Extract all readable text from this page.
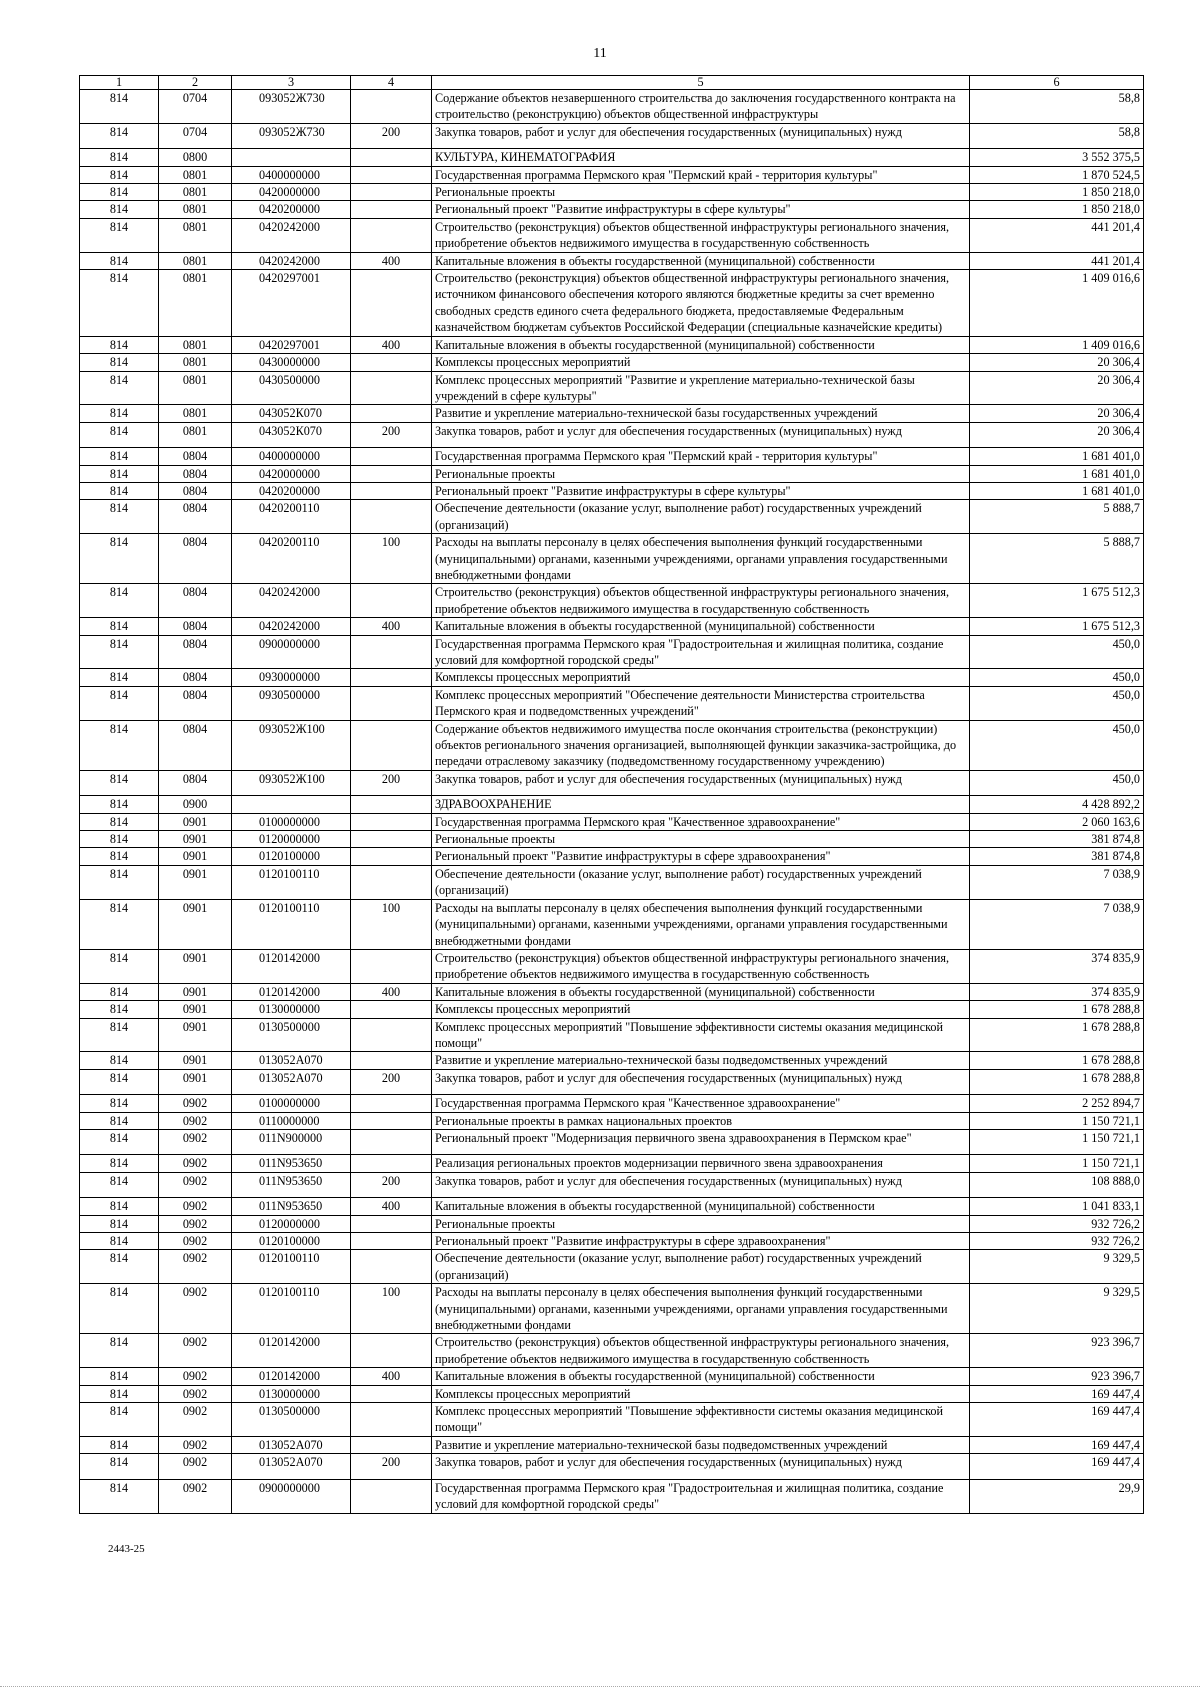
11
1	2	3	4	5	6
814	0704	093052Ж730		Содержание объектов незавершенного строительства до заключения государственного контракта на строительство (реконструкцию) объектов общественной инфраструктуры	58,8
814	0704	093052Ж730	200	Закупка товаров, работ и услуг для обеспечения государственных (муниципальных) нужд	58,8
814	0800			КУЛЬТУРА, КИНЕМАТОГРАФИЯ	3 552 375,5
814	0801	0400000000		Государственная программа Пермского края "Пермский край - территория культуры"	1 870 524,5
814	0801	0420000000		Региональные проекты	1 850 218,0
814	0801	0420200000		Региональный проект "Развитие инфраструктуры в сфере культуры"	1 850 218,0
814	0801	0420242000		Строительство (реконструкция) объектов общественной инфраструктуры регионального значения, приобретение объектов недвижимого имущества в государственную собственность	441 201,4
814	0801	0420242000	400	Капитальные вложения в объекты государственной (муниципальной) собственности	441 201,4
814	0801	0420297001		Строительство (реконструкция) объектов общественной инфраструктуры регионального значения, источником финансового обеспечения которого являются бюджетные кредиты за счет временно свободных средств единого счета федерального бюджета, предоставляемые Федеральным казначейством бюджетам субъектов Российской Федерации (специальные казначейские кредиты)	1 409 016,6
814	0801	0420297001	400	Капитальные вложения в объекты государственной (муниципальной) собственности	1 409 016,6
814	0801	0430000000		Комплексы процессных мероприятий	20 306,4
814	0801	0430500000		Комплекс процессных мероприятий "Развитие и укрепление материально-технической базы учреждений в сфере культуры"	20 306,4
814	0801	043052К070		Развитие и укрепление материально-технической базы государственных учреждений	20 306,4
814	0801	043052К070	200	Закупка товаров, работ и услуг для обеспечения государственных (муниципальных) нужд	20 306,4
814	0804	0400000000		Государственная программа Пермского края "Пермский край - территория культуры"	1 681 401,0
814	0804	0420000000		Региональные проекты	1 681 401,0
814	0804	0420200000		Региональный проект "Развитие инфраструктуры в сфере культуры"	1 681 401,0
814	0804	0420200110		Обеспечение деятельности (оказание услуг, выполнение работ) государственных учреждений (организаций)	5 888,7
814	0804	0420200110	100	Расходы на выплаты персоналу в целях обеспечения выполнения функций государственными (муниципальными) органами, казенными учреждениями, органами управления государственными внебюджетными фондами	5 888,7
814	0804	0420242000		Строительство (реконструкция) объектов общественной инфраструктуры регионального значения, приобретение объектов недвижимого имущества в государственную собственность	1 675 512,3
814	0804	0420242000	400	Капитальные вложения в объекты государственной (муниципальной) собственности	1 675 512,3
814	0804	0900000000		Государственная программа Пермского края "Градостроительная и жилищная политика, создание условий для комфортной городской среды"	450,0
814	0804	0930000000		Комплексы процессных мероприятий	450,0
814	0804	0930500000		Комплекс процессных мероприятий "Обеспечение деятельности Министерства строительства Пермского края и подведомственных учреждений"	450,0
814	0804	093052Ж100		Содержание объектов недвижимого имущества после окончания строительства (реконструкции) объектов регионального значения организацией, выполняющей функции заказчика-застройщика, до передачи отраслевому заказчику (подведомственному государственному учреждению)	450,0
814	0804	093052Ж100	200	Закупка товаров, работ и услуг для обеспечения государственных (муниципальных) нужд	450,0
814	0900			ЗДРАВООХРАНЕНИЕ	4 428 892,2
814	0901	0100000000		Государственная программа Пермского края "Качественное здравоохранение"	2 060 163,6
814	0901	0120000000		Региональные проекты	381 874,8
814	0901	0120100000		Региональный проект "Развитие инфраструктуры в сфере здравоохранения"	381 874,8
814	0901	0120100110		Обеспечение деятельности (оказание услуг, выполнение работ) государственных учреждений (организаций)	7 038,9
814	0901	0120100110	100	Расходы на выплаты персоналу в целях обеспечения выполнения функций государственными (муниципальными) органами, казенными учреждениями, органами управления государственными внебюджетными фондами	7 038,9
814	0901	0120142000		Строительство (реконструкция) объектов общественной инфраструктуры регионального значения, приобретение объектов недвижимого имущества в государственную собственность	374 835,9
814	0901	0120142000	400	Капитальные вложения в объекты государственной (муниципальной) собственности	374 835,9
814	0901	0130000000		Комплексы процессных мероприятий	1 678 288,8
814	0901	0130500000		Комплекс процессных мероприятий "Повышение эффективности системы оказания медицинской помощи"	1 678 288,8
814	0901	013052А070		Развитие и укрепление материально-технической базы подведомственных учреждений	1 678 288,8
814	0901	013052А070	200	Закупка товаров, работ и услуг для обеспечения государственных (муниципальных) нужд	1 678 288,8
814	0902	0100000000		Государственная программа Пермского края "Качественное здравоохранение"	2 252 894,7
814	0902	0110000000		Региональные проекты в рамках национальных проектов	1 150 721,1
814	0902	011N900000		Региональный проект "Модернизация первичного звена здравоохранения в Пермском крае"	1 150 721,1
814	0902	011N953650		Реализация региональных проектов модернизации первичного звена здравоохранения	1 150 721,1
814	0902	011N953650	200	Закупка товаров, работ и услуг для обеспечения государственных (муниципальных) нужд	108 888,0
814	0902	011N953650	400	Капитальные вложения в объекты государственной (муниципальной) собственности	1 041 833,1
814	0902	0120000000		Региональные проекты	932 726,2
814	0902	0120100000		Региональный проект "Развитие инфраструктуры в сфере здравоохранения"	932 726,2
814	0902	0120100110		Обеспечение деятельности (оказание услуг, выполнение работ) государственных учреждений (организаций)	9 329,5
814	0902	0120100110	100	Расходы на выплаты персоналу в целях обеспечения выполнения функций государственными (муниципальными) органами, казенными учреждениями, органами управления государственными внебюджетными фондами	9 329,5
814	0902	0120142000		Строительство (реконструкция) объектов общественной инфраструктуры регионального значения, приобретение объектов недвижимого имущества в государственную собственность	923 396,7
814	0902	0120142000	400	Капитальные вложения в объекты государственной (муниципальной) собственности	923 396,7
814	0902	0130000000		Комплексы процессных мероприятий	169 447,4
814	0902	0130500000		Комплекс процессных мероприятий "Повышение эффективности системы оказания медицинской помощи"	169 447,4
814	0902	013052А070		Развитие и укрепление материально-технической базы подведомственных учреждений	169 447,4
814	0902	013052А070	200	Закупка товаров, работ и услуг для обеспечения государственных (муниципальных) нужд	169 447,4
814	0902	0900000000		Государственная программа Пермского края "Градостроительная и жилищная политика, создание условий для комфортной городской среды"	29,9
2443-25
